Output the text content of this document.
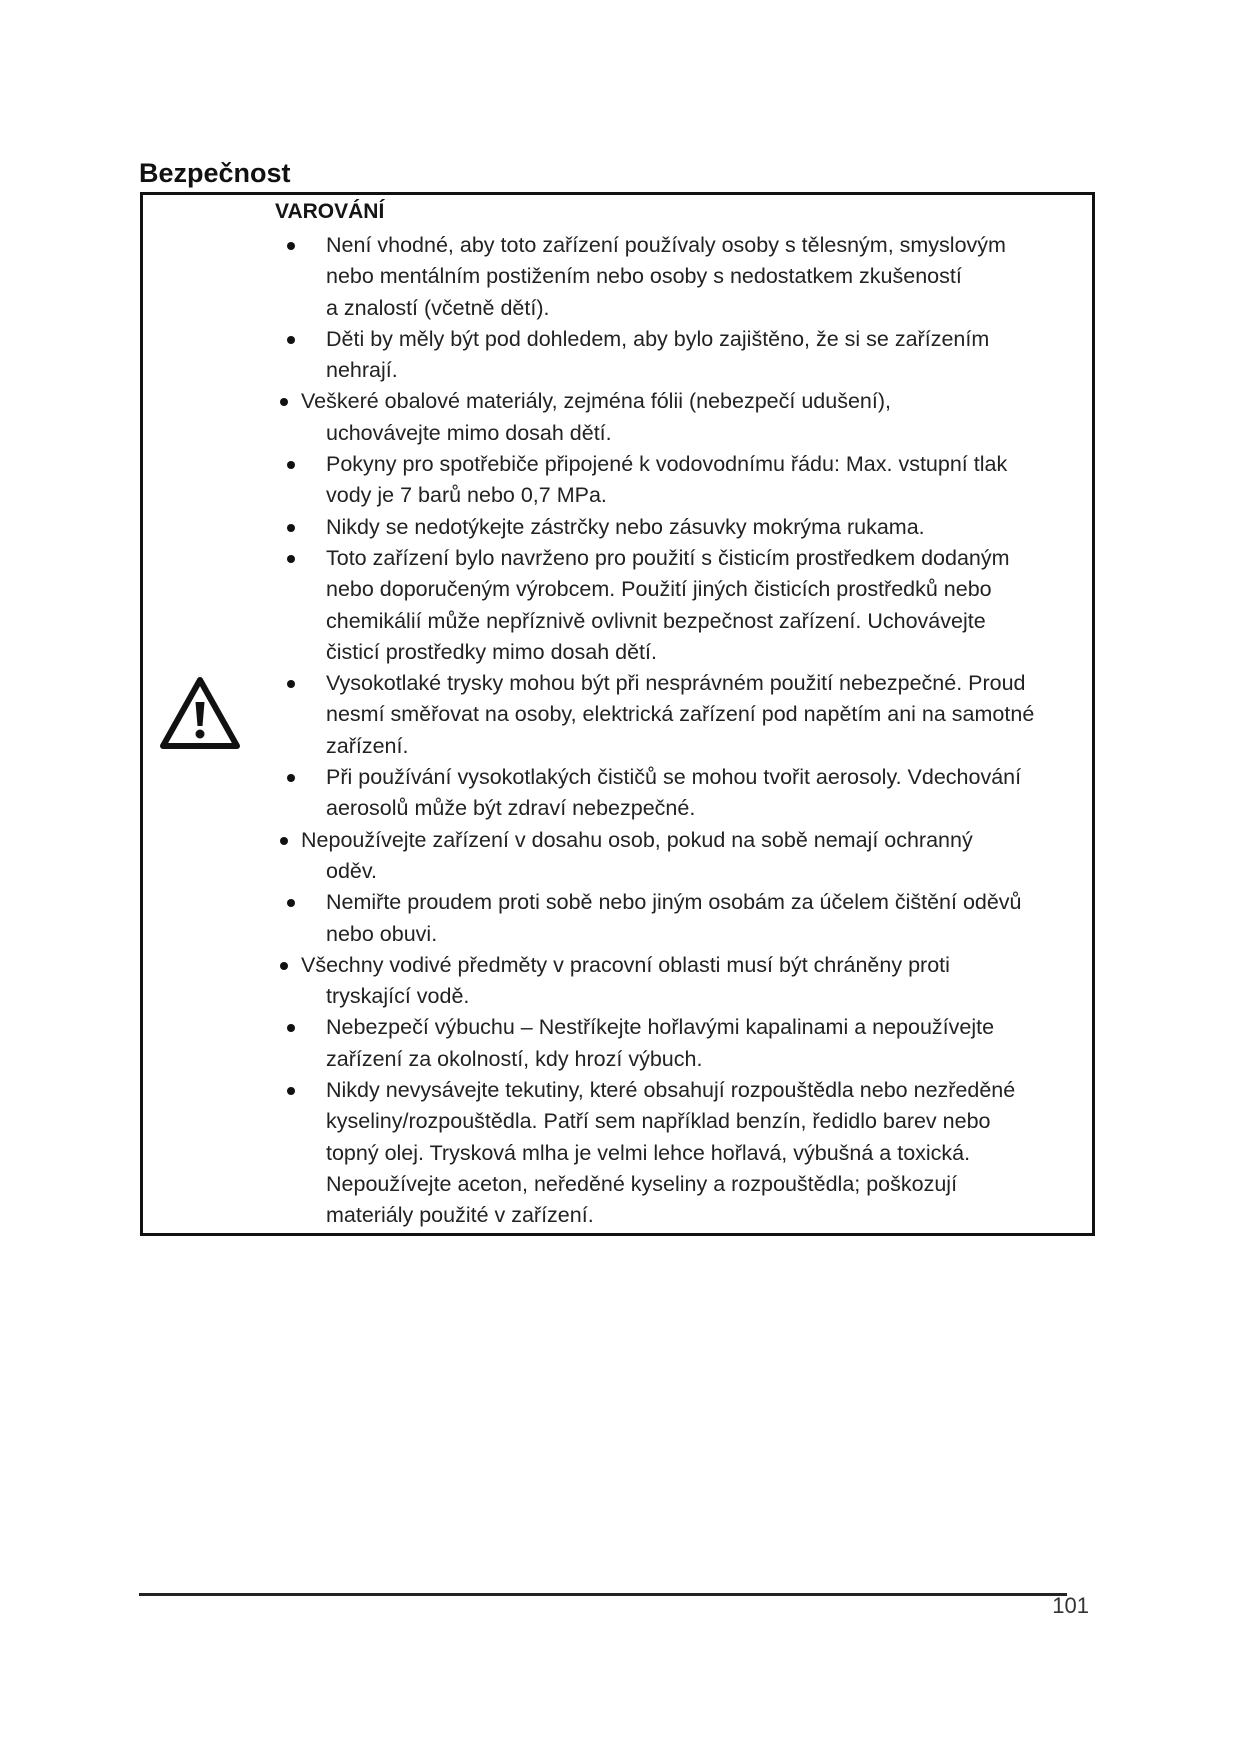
Bezpečnost
VAROVÁNÍ
Není vhodné, aby toto zařízení používaly osoby s tělesným, smyslovým
nebo mentálním postižením nebo osoby s nedostatkem zkušeností
a znalostí (včetně dětí).
Děti by měly být pod dohledem, aby bylo zajištěno, že si se zařízením
nehrají.
Veškeré obalové materiály, zejména fólii (nebezpečí udušení),
uchovávejte mimo dosah dětí.
Pokyny pro spotřebiče připojené k vodovodnímu řádu: Max. vstupní tlak
vody je 7 barů nebo 0,7 MPa.
Nikdy se nedotýkejte zástrčky nebo zásuvky mokrýma rukama.
Toto zařízení bylo navrženo pro použití s čisticím prostředkem dodaným
nebo doporučeným výrobcem. Použití jiných čisticích prostředků nebo
chemikálií může nepříznivě ovlivnit bezpečnost zařízení. Uchovávejte
čisticí prostředky mimo dosah dětí.
Vysokotlaké trysky mohou být při nesprávném použití nebezpečné. Proud
nesmí směřovat na osoby, elektrická zařízení pod napětím ani na samotné
zařízení.
Při používání vysokotlakých čističů se mohou tvořit aerosoly. Vdechování
aerosolů může být zdraví nebezpečné.
Nepoužívejte zařízení v dosahu osob, pokud na sobě nemají ochranný
oděv.
Nemiřte proudem proti sobě nebo jiným osobám za účelem čištění oděvů
nebo obuvi.
Všechny vodivé předměty v pracovní oblasti musí být chráněny proti
tryskající vodě.
Nebezpečí výbuchu – Nestříkejte hořlavými kapalinami a nepoužívejte
zařízení za okolností, kdy hrozí výbuch.
Nikdy nevysávejte tekutiny, které obsahují rozpouštědla nebo nezředěné
kyseliny/rozpouštědla. Patří sem například benzín, ředidlo barev nebo
topný olej. Trysková mlha je velmi lehce hořlavá, výbušná a toxická.
Nepoužívejte aceton, neředěné kyseliny a rozpouštědla; poškozují
materiály použité v zařízení.
101
